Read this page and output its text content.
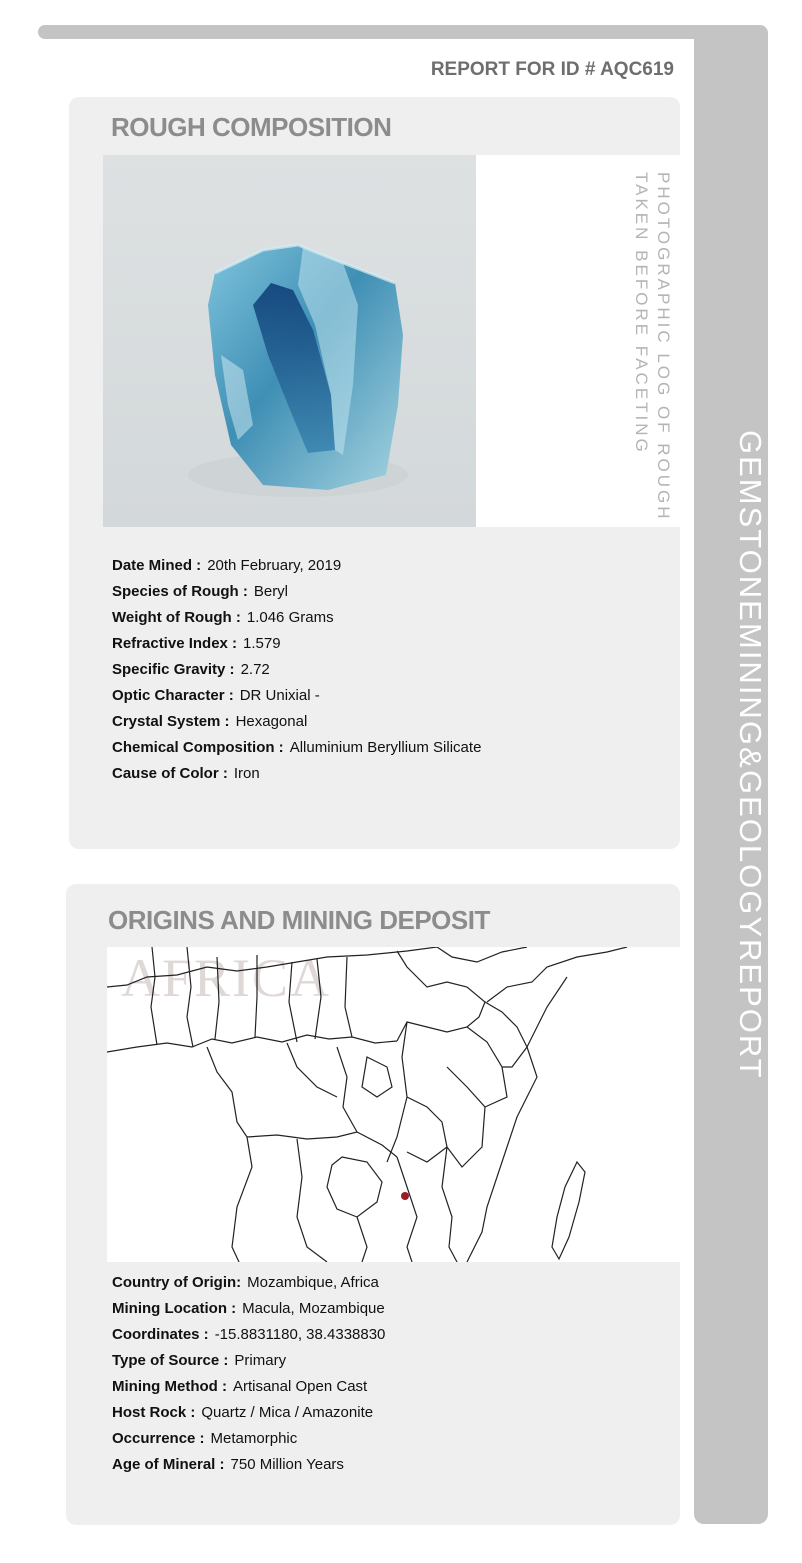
GEMSTONE
MINING
&
GEOLOGY
REPORT
REPORT FOR ID # AQC619
ROUGH COMPOSITION
PHOTOGRAPHIC LOG OF ROUGH
TAKEN BEFORE FACETING
Date Mined : 20th February, 2019
Species of Rough : Beryl
Weight of Rough : 1.046 Grams
Refractive Index : 1.579
Specific Gravity : 2.72
Optic Character : DR Unixial -
Crystal System : Hexagonal
Chemical Composition : Alluminium Beryllium Silicate
Cause of Color : Iron
ORIGINS AND MINING DEPOSIT
AFRICA
Country of Origin: Mozambique, Africa
Mining Location : Macula, Mozambique
Coordinates : -15.8831180, 38.4338830
Type of Source : Primary
Mining Method : Artisanal Open Cast
Host Rock : Quartz / Mica / Amazonite
Occurrence : Metamorphic
Age of Mineral : 750 Million Years
